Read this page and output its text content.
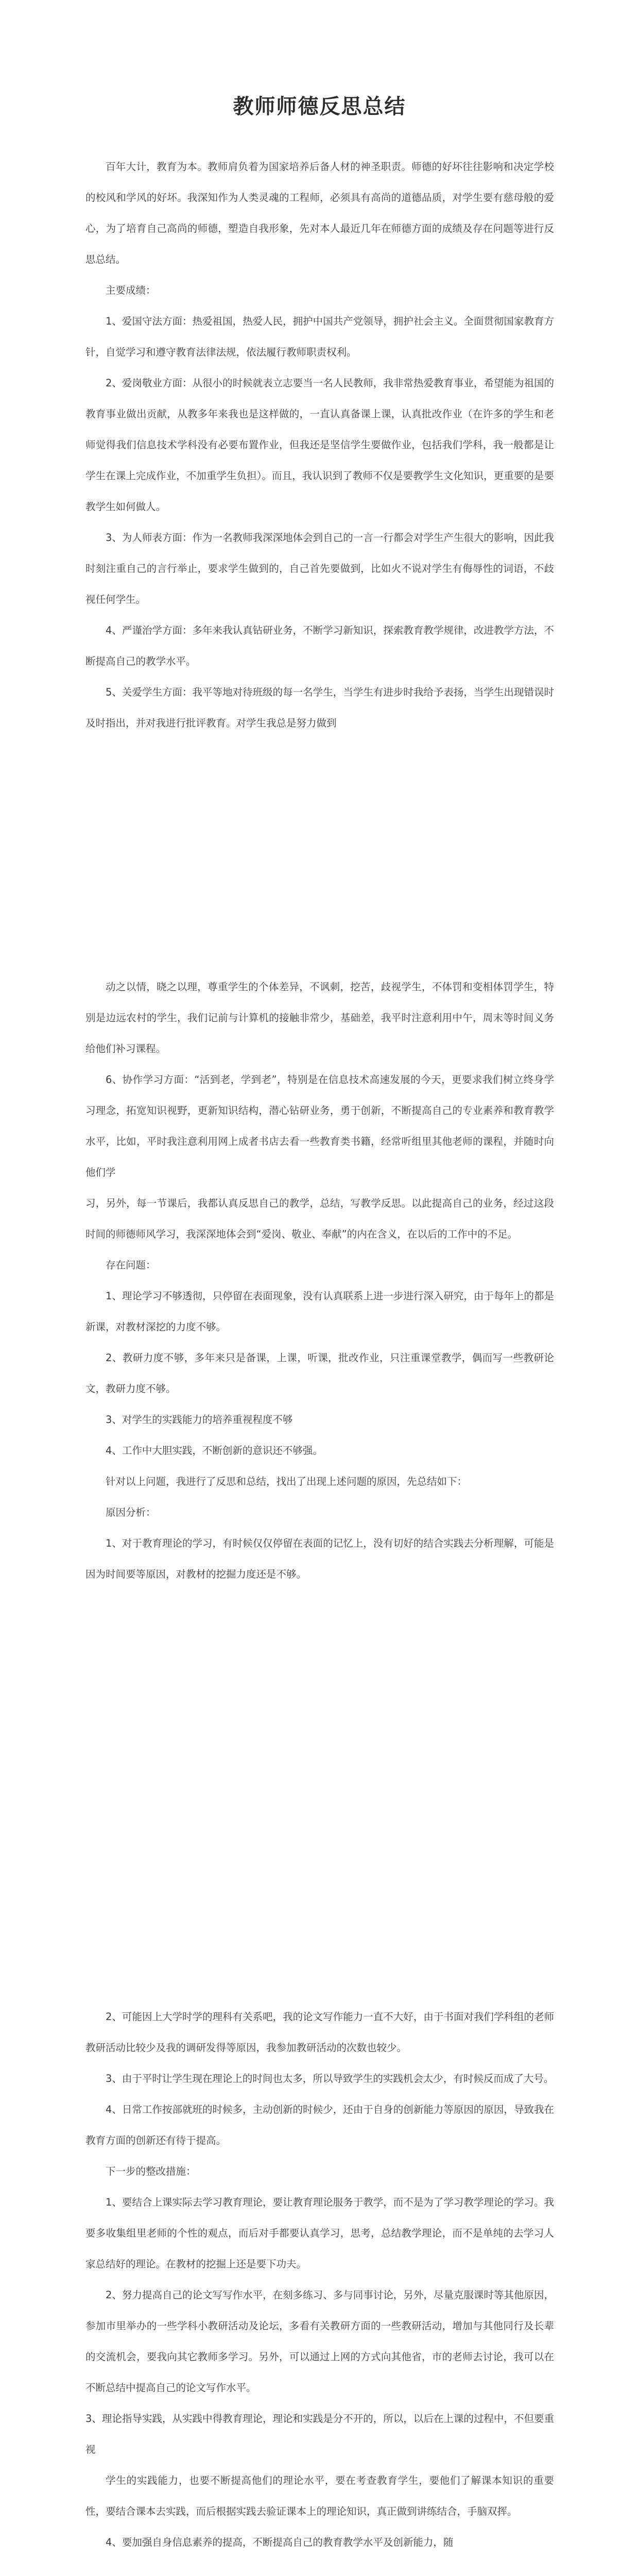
教师师德反思总结

百年大计，教育为本。教师肩负着为国家培养后备人材的神圣职责。师德的好坏往往影响和决定学校的校风和学风的好坏。我深知作为人类灵魂的工程师，必须具有高尚的道德品质，对学生要有慈母般的爱心，为了培育自己高尚的师德，塑造自我形象，先对本人最近几年在师德方面的成绩及存在问题等进行反思总结。

主要成绩：

1、爱国守法方面：热爱祖国，热爱人民，拥护中国共产党领导，拥护社会主义。全面贯彻国家教育方针，自觉学习和遵守教育法律法规，依法履行教师职责权利。

2、爱岗敬业方面：从很小的时候就表立志要当一名人民教师，我非常热爱教育事业，希望能为祖国的教育事业做出贡献，从教多年来我也是这样做的，一直认真备课上课，认真批改作业（在许多的学生和老师觉得我们信息技术学科没有必要布置作业，但我还是坚信学生要做作业，包括我们学科，我一般都是让学生在课上完成作业，不加重学生负担）。而且，我认识到了教师不仅是要教学生文化知识，更重要的是要教学生如何做人。

3、为人师表方面：作为一名教师我深深地体会到自己的一言一行都会对学生产生很大的影响，因此我时刻注重自己的言行举止，要求学生做到的，自己首先要做到，比如火不说对学生有侮辱性的词语，不歧视任何学生。

4、严谨治学方面：多年来我认真钻研业务，不断学习新知识，探索教育教学规律，改进教学方法，不断提高自己的教学水平。

5、关爱学生方面：我平等地对待班级的每一名学生，当学生有进步时我给予表扬，当学生出现错误时及时指出，并对我进行批评教育。对学生我总是努力做到

动之以情，晓之以理，尊重学生的个体差异，不讽刺，挖苦，歧视学生，不体罚和变相体罚学生，特别是边远农村的学生，我们记前与计算机的接触非常少，基础差，我平时注意利用中午，周末等时间义务给他们补习课程。

6、协作学习方面：“活到老，学到老”，特别是在信息技术高速发展的今天，更要求我们树立终身学习理念，拓宽知识视野，更新知识结构，潜心钻研业务，勇于创新，不断提高自己的专业素养和教育教学水平，比如，平时我注意利用网上成者书店去看一些教育类书籍，经常听组里其他老师的课程，并随时向他们学

习，另外，每一节课后，我都认真反思自己的教学，总结，写教学反思。以此提高自己的业务，经过这段时间的师德师风学习，我深深地体会到“爱岗、敬业、奉献”的内在含义，在以后的工作中的不足。

存在问题：

1、理论学习不够透彻，只停留在表面现象，没有认真联系上进一步进行深入研究，由于每年上的都是新课，对教材深挖的力度不够。

2、教研力度不够，多年来只是备课，上课，听课，批改作业，只注重课堂教学，偶而写一些教研论文，教研力度不够。

3、对学生的实践能力的培养重视程度不够

4、工作中大胆实践，不断创新的意识还不够强。

针对以上问题，我进行了反思和总结，找出了出现上述问题的原因，先总结如下：

原因分析：

1、对于教育理论的学习，有时候仅仅停留在表面的记忆上，没有切好的结合实践去分析理解，可能是因为时间要等原因，对教材的挖掘力度还是不够。

2、可能因上大学时学的理科有关系吧，我的论文写作能力一直不大好，由于书面对我们学科组的老师教研活动比较少及我的调研发得等原因，我参加教研活动的次数也较少。

3、由于平时让学生现在理论上的时间也太多，所以导致学生的实践机会太少，有时候反而成了大号。

4、日常工作按部就班的时候多，主动创新的时候少，还由于自身的创新能力等原因的原因，导致我在教育方面的创新还有待于提高。

下一步的整改措施：

1、要结合上课实际去学习教育理论，要让教育理论服务于教学，而不是为了学习教学理论的学习。我要多收集组里老师的个性的观点，而后对手都要认真学习，思考，总结教学理论，而不是单纯的去学习人家总结好的理论。在教材的挖掘上还是要下功夫。

2、努力提高自己的论文写写作水平，在刻多练习、多与同事讨论，另外，尽量克服课时等其他原因，参加市里举办的一些学科小教研活动及论坛，多看有关教研方面的一些教研活动，增加与其他同行及长辈的交流机会，要我向其它教师多学习。另外，可以通过上网的方式向其他省，市的老师去讨论，我可以在不断总结中提高自己的论文写作水平。

3、理论指导实践，从实践中得教育理论，理论和实践是分不开的，所以，以后在上课的过程中，不但要重视

学生的实践能力，也要不断提高他们的理论水平，要在考查教育学生，要他们了解课本知识的重要性，要结合课本去实践，而后根据实践去验证课本上的理论知识，真正做到讲练结合，手脑双挥。

4、要加强自身信息素养的提高，不断提高自己的教育教学水平及创新能力，随
